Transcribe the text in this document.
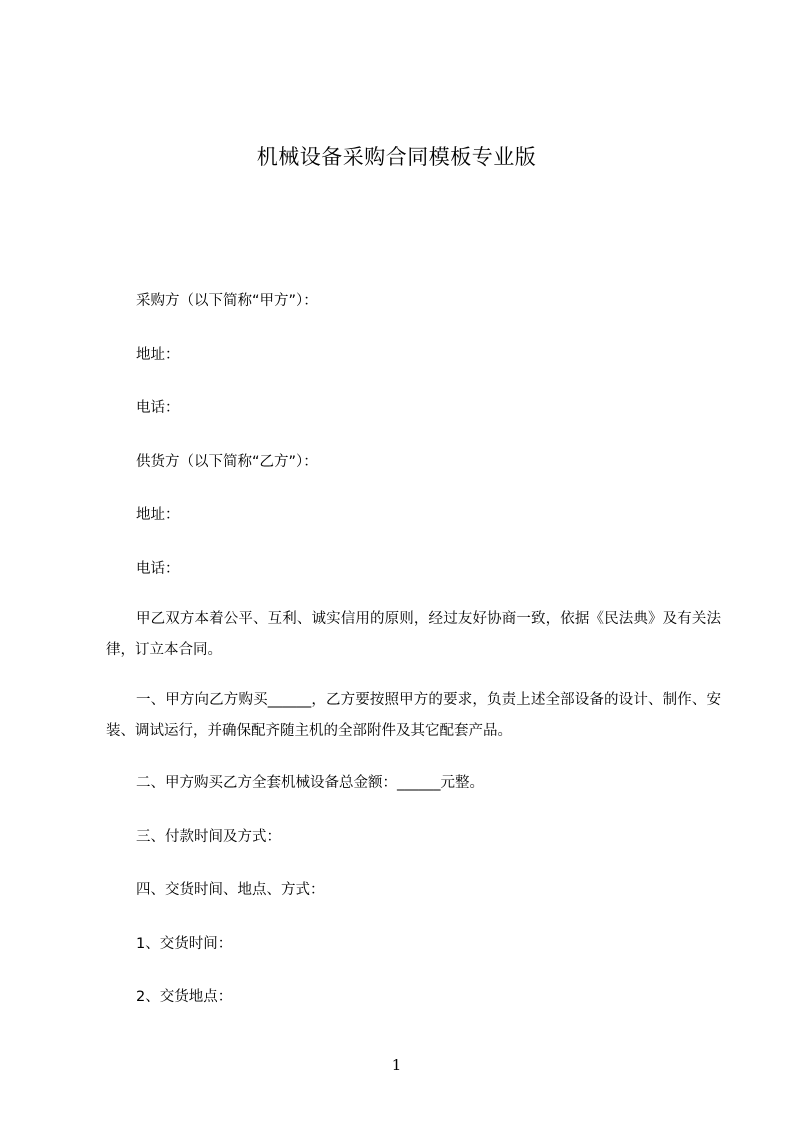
机械设备采购合同模板专业版
采购方（以下简称“甲方”）：
地址：
电话：
供货方（以下简称“乙方”）：
地址：
电话：
甲乙双方本着公平、互利、诚实信用的原则，经过友好协商一致，依据《民法典》及有关法律，订立本合同。
一、甲方向乙方购买______，乙方要按照甲方的要求，负责上述全部设备的设计、制作、安装、调试运行，并确保配齐随主机的全部附件及其它配套产品。
二、甲方购买乙方全套机械设备总金额：______元整。
三、付款时间及方式：
四、交货时间、地点、方式：
1、交货时间：
2、交货地点：
1
